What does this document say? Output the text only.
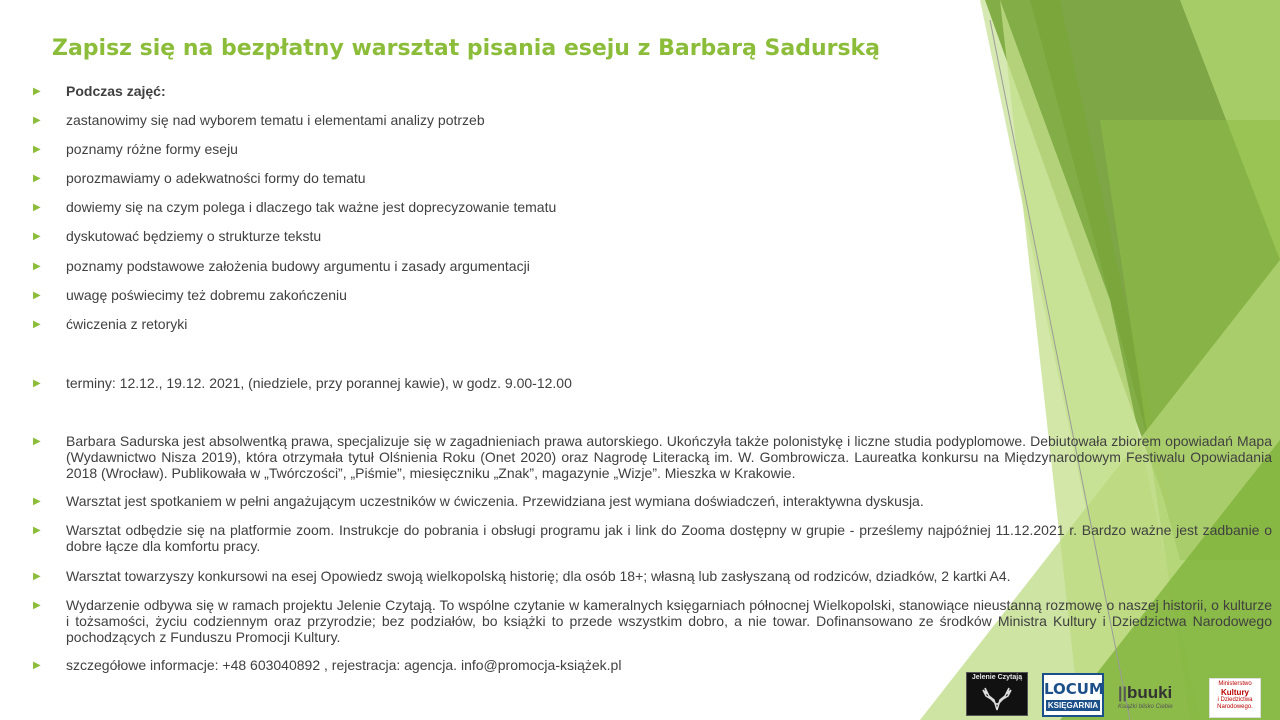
Zapisz się na bezpłatny warsztat pisania eseju z Barbarą Sadurską
▶ Podczas zajęć:
▶ zastanowimy się nad wyborem tematu i elementami analizy potrzeb
▶ poznamy różne formy eseju
▶ porozmawiamy o adekwatności formy do tematu
▶ dowiemy się na czym polega i dlaczego tak ważne jest doprecyzowanie tematu
▶ dyskutować będziemy o strukturze tekstu
▶ poznamy podstawowe założenia budowy argumentu i zasady argumentacji
▶ uwagę poświecimy też dobremu zakończeniu
▶ ćwiczenia z retoryki
▶ terminy: 12.12., 19.12. 2021, (niedziele, przy porannej kawie), w godz. 9.00-12.00
▶ Barbara Sadurska jest absolwentką prawa, specjalizuje się w zagadnieniach prawa autorskiego. Ukończyła także polonistykę i liczne studia podyplomowe. Debiutowała zbiorem opowiadań Mapa (Wydawnictwo Nisza 2019), która otrzymała tytuł Olśnienia Roku (Onet 2020) oraz Nagrodę Literacką im. W. Gombrowicza. Laureatka konkursu na Międzynarodowym Festiwalu Opowiadania 2018 (Wrocław). Publikowała w „Twórczości”, „Piśmie”, miesięczniku „Znak”, magazynie „Wizje”. Mieszka w Krakowie.
▶ Warsztat jest spotkaniem w pełni angażującym uczestników w ćwiczenia. Przewidziana jest wymiana doświadczeń, interaktywna dyskusja.
▶ Warsztat odbędzie się na platformie zoom. Instrukcje do pobrania i obsługi programu jak i link do Zooma dostępny w grupie - prześlemy najpóźniej 11.12.2021 r. Bardzo ważne jest zadbanie o dobre łącze dla komfortu pracy.
▶ Warsztat towarzyszy konkursowi na esej Opowiedz swoją wielkopolską historię; dla osób 18+; własną lub zasłyszaną od rodziców, dziadków, 2 kartki A4.
▶ Wydarzenie odbywa się w ramach projektu Jelenie Czytają. To wspólne czytanie w kameralnych księgarniach północnej Wielkopolski, stanowiące nieustanną rozmowę o naszej historii, o kulturze i tożsamości, życiu codziennym oraz przyrodzie; bez podziałów, bo książki to przede wszystkim dobro, a nie towar. Dofinansowano ze środków Ministra Kultury i Dziedzictwa Narodowego pochodzących z Funduszu Promocji Kultury.
▶ szczegółowe informacje: +48 603040892 , rejestracja: agencja. info@promocja-książek.pl
Jelenie Czytają
LOCUM
KSIĘGARNIA
||buuki
Książki blisko Ciebie
Ministerstwo
Kultury
i Dziedzictwa
Narodowego.
